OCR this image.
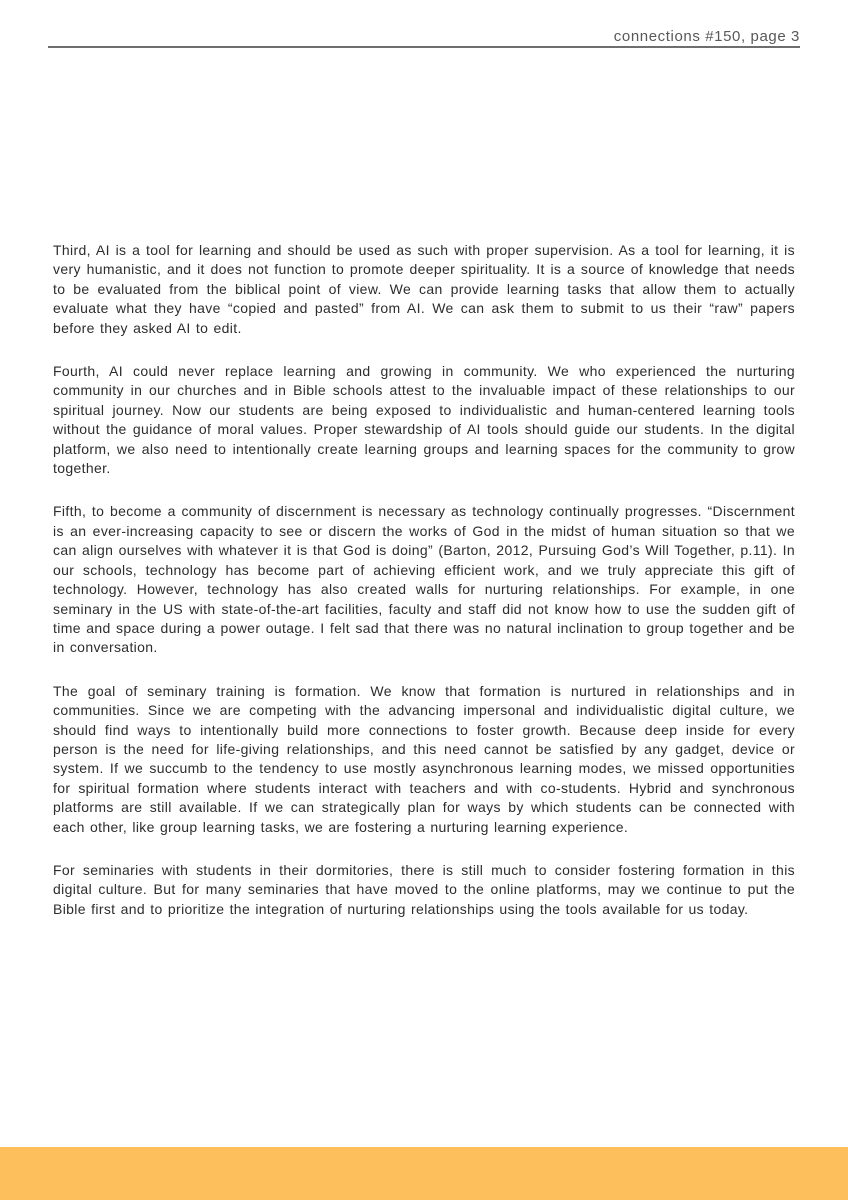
connections #150, page 3

Third, AI is a tool for learning and should be used as such with proper supervision. As a tool for learning, it is very humanistic, and it does not function to promote deeper spirituality. It is a source of knowledge that needs to be evaluated from the biblical point of view. We can provide learning tasks that allow them to actually evaluate what they have “copied and pasted” from AI. We can ask them to submit to us their “raw” papers before they asked AI to edit.

Fourth, AI could never replace learning and growing in community. We who experienced the nurturing community in our churches and in Bible schools attest to the invaluable impact of these relationships to our spiritual journey. Now our students are being exposed to individualistic and human-centered learning tools without the guidance of moral values. Proper stewardship of AI tools should guide our students. In the digital platform, we also need to intentionally create learning groups and learning spaces for the community to grow together.

Fifth, to become a community of discernment is necessary as technology continually progresses. “Discernment is an ever-increasing capacity to see or discern the works of God in the midst of human situation so that we can align ourselves with whatever it is that God is doing” (Barton, 2012, Pursuing God’s Will Together, p.11). In our schools, technology has become part of achieving efficient work, and we truly appreciate this gift of technology. However, technology has also created walls for nurturing relationships. For example, in one seminary in the US with state-of-the-art facilities, faculty and staff did not know how to use the sudden gift of time and space during a power outage. I felt sad that there was no natural inclination to group together and be in conversation.

The goal of seminary training is formation. We know that formation is nurtured in relationships and in communities. Since we are competing with the advancing impersonal and individualistic digital culture, we should find ways to intentionally build more connections to foster growth. Because deep inside for every person is the need for life-giving relationships, and this need cannot be satisfied by any gadget, device or system. If we succumb to the tendency to use mostly asynchronous learning modes, we missed opportunities for spiritual formation where students interact with teachers and with co-students. Hybrid and synchronous platforms are still available. If we can strategically plan for ways by which students can be connected with each other, like group learning tasks, we are fostering a nurturing learning experience.

For seminaries with students in their dormitories, there is still much to consider fostering formation in this digital culture. But for many seminaries that have moved to the online platforms, may we continue to put the Bible first and to prioritize the integration of nurturing relationships using the tools available for us today.
